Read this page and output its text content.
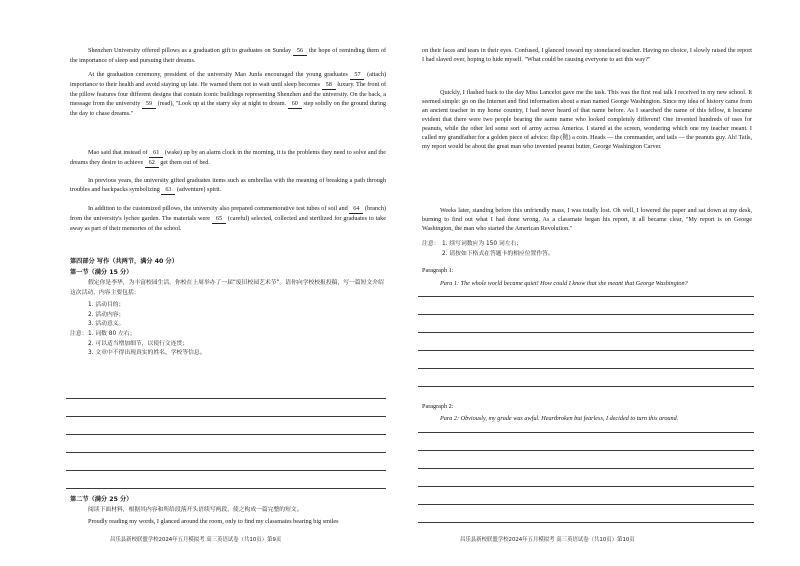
Shenzhen University offered pillows as a graduation gift to graduates on Sunday 56 the hope of reminding them of the importance of sleep and pursuing their dreams.
At the graduation ceremony, president of the university Mao Junfa encouraged the young graduates 57 (attach) importance to their health and avoid staying up late. He warned them not to wait until sleep becomes 58 luxury. The front of the pillow features four different designs that contain iconic buildings representing Shenzhen and the university. On the back, a message from the university 59 (read), "Look up at the starry sky at night to dream. 60 step solidly on the ground during the day to chase dreams."
Mao said that instead of 61 (wake) up by an alarm clock in the morning, it is the problems they need to solve and the dreams they desire to achieve 62 get them out of bed.
In previous years, the university gifted graduates items such as umbrellas with the meaning of breaking a path through troubles and backpacks symbolizing 63 (adventure) spirit.
In addition to the customized pillows, the university also prepared commemorative test tubes of soil and 64 (branch) from the university's lychee garden. The materials were 65 (careful) selected, collected and sterilized for graduates to take away as part of their memories of the school.
第四部分 写作（共两节，满分 40 分）
第一节（满分 15 分）
假定你是李华，为丰富校园生活，你校在上周举办了一届“废旧校园艺术节”。请你向学校校报投稿，写一篇短文介绍这次活动，内容主要包括：
1. 活动目的；
2. 活动内容；
3. 活动意义。
注意： 1. 词数 80 左右；
2. 可以适当增加细节，以使行文连贯；
3. 文章中不得出现真实的姓名、学校等信息。
第二节（满分 25 分）
阅读下面材料，根据其内容和所给段落开头语续写两段，使之构成一篇完整的短文。
Proudly reading my words, I glanced around the room, only to find my classmates bearing big smiles
昌乐县新校联盟学校2024年五月模拟考 高三英语试卷（共10页）第9页
on their faces and tears in their eyes. Confused, I glanced toward my stonefaced teacher. Having no choice, I slowly raised the report I had slaved over, hoping to hide myself. "What could be causing everyone to act this way?"
Quickly, I flashed back to the day Miss Lancelot gave me the task. This was the first real talk I received in my new school. It seemed simple: go on the Internet and find information about a man named George Washington. Since my idea of history came from an ancient teacher in my home country, I had never heard of that name before. As I searched the name of this fellow, it became evident that there were two people bearing the same name who looked completely different! One invented hundreds of uses for peanuts, while the other led some sort of army across America. I stared at the screen, wondering which one my teacher meant. I called my grandfather for a golden piece of advice: flip (抛) a coin. Heads — the commander, and tails — the peanuts guy. Ah! Tails, my report would be about the great man who invented peanut butter, George Washington Carver.
Weeks later, standing before this unfriendly mass, I was totally lost. Oh well, I lowered the paper and sat down at my desk, burning to find out what I had done wrong. As a classmate began his report, it all became clear, "My report is on George Washington, the man who started the American Revolution."
注意： 1. 续写词数应为 150 词左右；
2. 请按如下格式在答题卡的相应位置作答。
Paragraph 1:
Para 1: The whole world became quiet! How could I know that she meant that George Washington?
Paragraph 2:
Para 2: Obviously, my grade was awful. Heartbroken but fearless, I decided to turn this around.
昌乐县新校联盟学校2024年五月模拟考 高三英语试卷（共10页）第10页
